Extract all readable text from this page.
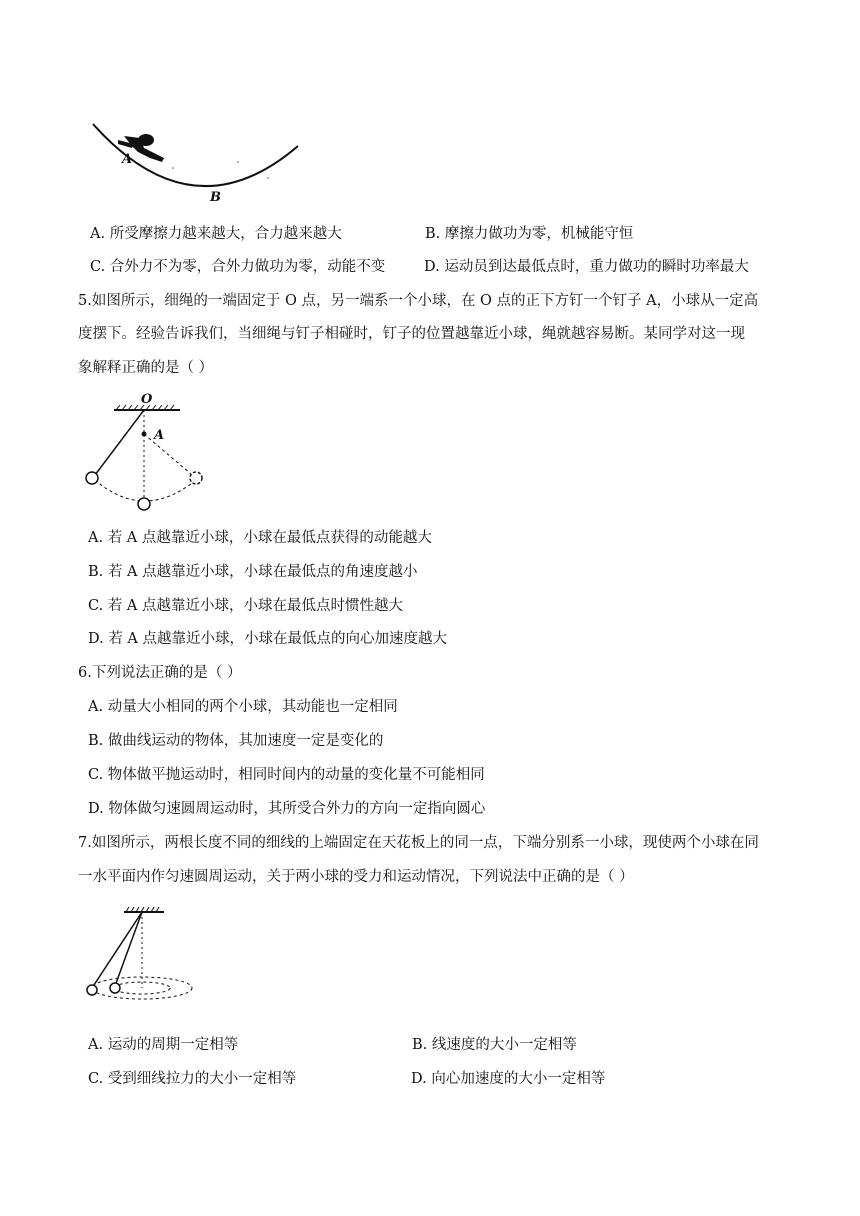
A
B
A. 所受摩擦力越来越大，合力越来越大	B. 摩擦力做功为零，机械能守恒
C. 合外力不为零，合外力做功为零，动能不变	D. 运动员到达最低点时，重力做功的瞬时功率最大
5.如图所示，细绳的一端固定于 O 点，另一端系一个小球，在 O 点的正下方钉一个钉子 A，小球从一定高
度摆下。经验告诉我们，当细绳与钉子相碰时，钉子的位置越靠近小球，绳就越容易断。某同学对这一现
象解释正确的是（ ）
O
A
A. 若 A 点越靠近小球，小球在最低点获得的动能越大
B. 若 A 点越靠近小球，小球在最低点的角速度越小
C. 若 A 点越靠近小球，小球在最低点时惯性越大
D. 若 A 点越靠近小球，小球在最低点的向心加速度越大
6.下列说法正确的是（ ）
A. 动量大小相同的两个小球，其动能也一定相同
B. 做曲线运动的物体，其加速度一定是变化的
C. 物体做平抛运动时，相同时间内的动量的变化量不可能相同
D. 物体做匀速圆周运动时，其所受合外力的方向一定指向圆心
7.如图所示，两根长度不同的细线的上端固定在天花板上的同一点，下端分别系一小球，现使两个小球在同
一水平面内作匀速圆周运动，关于两小球的受力和运动情况，下列说法中正确的是（ ）
A. 运动的周期一定相等	B. 线速度的大小一定相等
C. 受到细线拉力的大小一定相等	D. 向心加速度的大小一定相等
